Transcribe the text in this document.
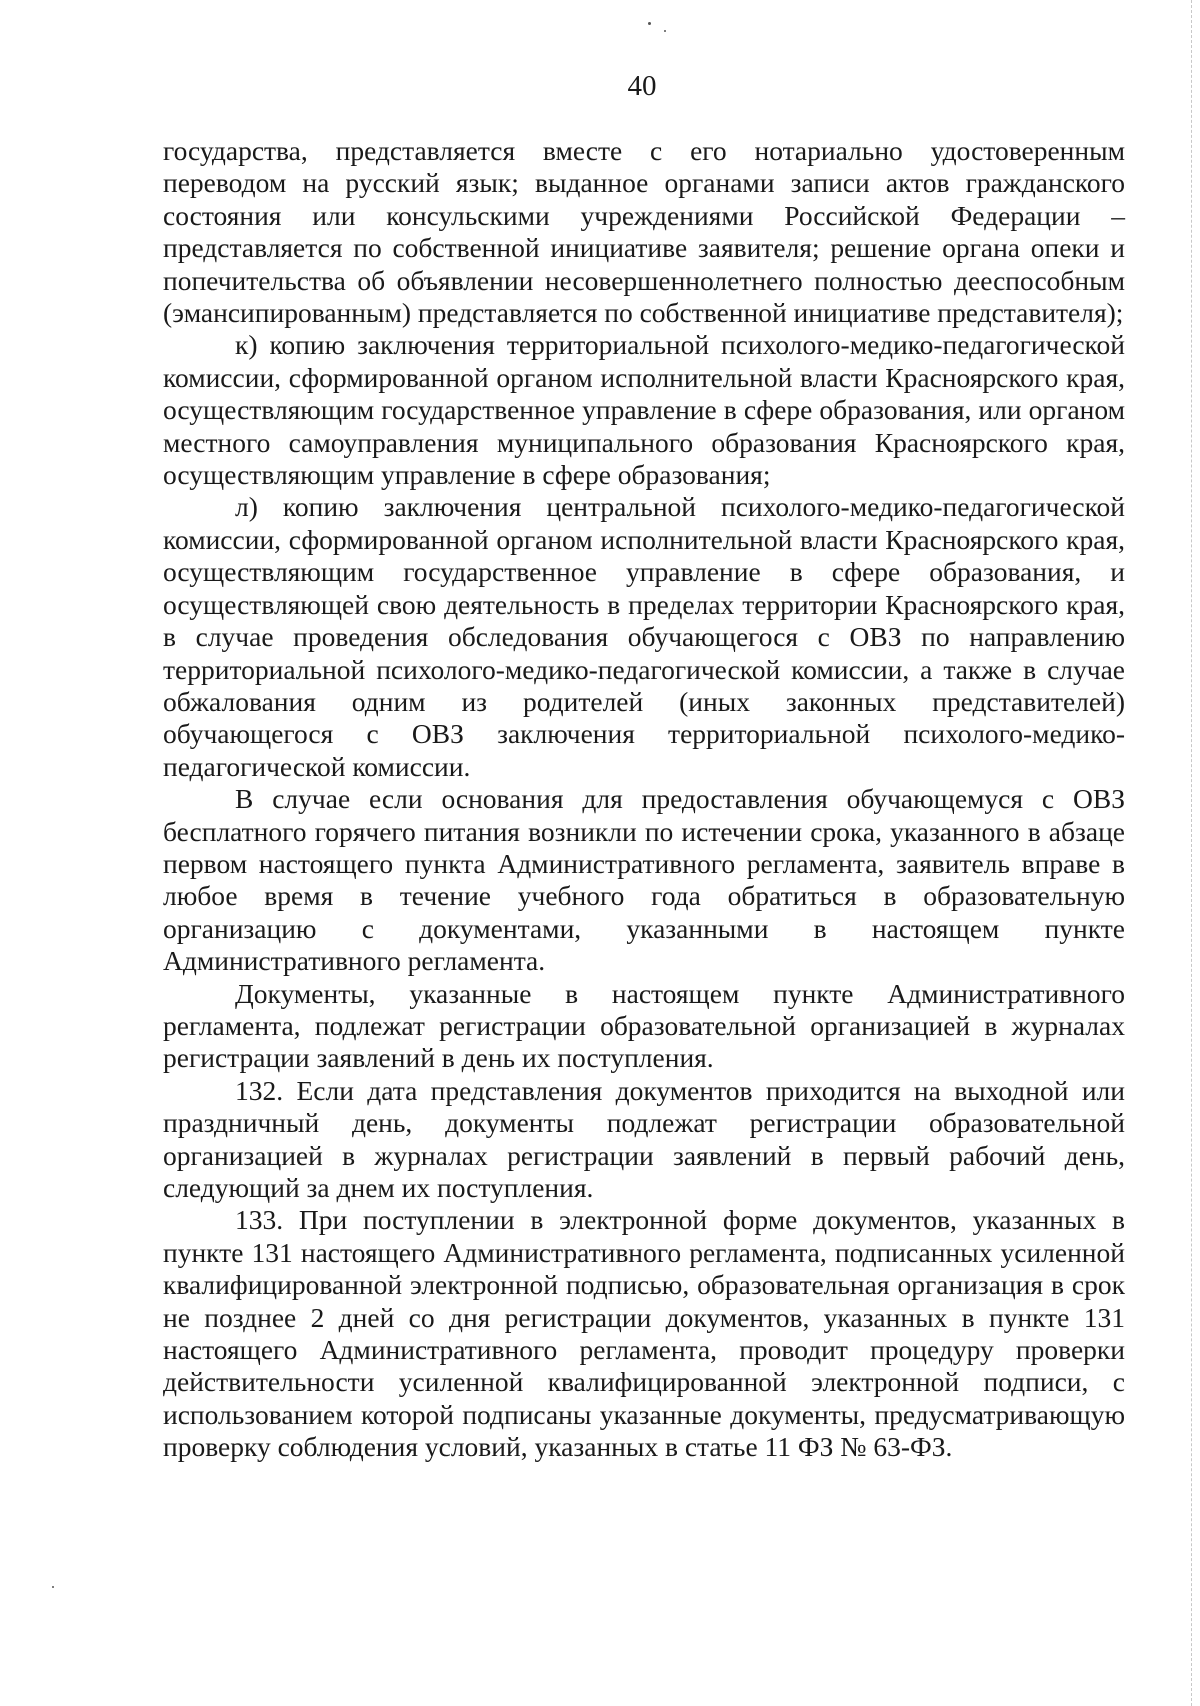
40

государства, представляется вместе с его нотариально удостоверенным переводом на русский язык; выданное органами записи актов гражданского состояния или консульскими учреждениями Российской Федерации – представляется по собственной инициативе заявителя; решение органа опеки и попечительства об объявлении несовершеннолетнего полностью дееспособным (эмансипированным) представляется по собственной инициативе представителя);

к) копию заключения территориальной психолого-медико-педагогической комиссии, сформированной органом исполнительной власти Красноярского края, осуществляющим государственное управление в сфере образования, или органом местного самоуправления муниципального образования Красноярского края, осуществляющим управление в сфере образования;

л) копию заключения центральной психолого-медико-педагогической комиссии, сформированной органом исполнительной власти Красноярского края, осуществляющим государственное управление в сфере образования, и осуществляющей свою деятельность в пределах территории Красноярского края, в случае проведения обследования обучающегося с ОВЗ по направлению территориальной психолого-медико-педагогической комиссии, а также в случае обжалования одним из родителей (иных законных представителей) обучающегося с ОВЗ заключения территориальной психолого-медико-педагогической комиссии.

В случае если основания для предоставления обучающемуся с ОВЗ бесплатного горячего питания возникли по истечении срока, указанного в абзаце первом настоящего пункта Административного регламента, заявитель вправе в любое время в течение учебного года обратиться в образовательную организацию с документами, указанными в настоящем пункте Административного регламента.

Документы, указанные в настоящем пункте Административного регламента, подлежат регистрации образовательной организацией в журналах регистрации заявлений в день их поступления.

132. Если дата представления документов приходится на выходной или праздничный день, документы подлежат регистрации образовательной организацией в журналах регистрации заявлений в первый рабочий день, следующий за днем их поступления.

133. При поступлении в электронной форме документов, указанных в пункте 131 настоящего Административного регламента, подписанных усиленной квалифицированной электронной подписью, образовательная организация в срок не позднее 2 дней со дня регистрации документов, указанных в пункте 131 настоящего Административного регламента, проводит процедуру проверки действительности усиленной квалифицированной электронной подписи, с использованием которой подписаны указанные документы, предусматривающую проверку соблюдения условий, указанных в статье 11 ФЗ № 63-ФЗ.
